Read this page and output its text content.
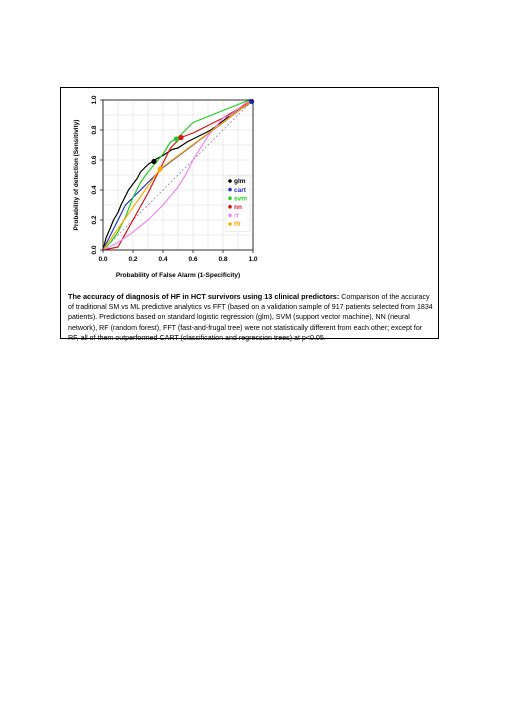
0.0	0.2	0.4	0.6	0.8	1.0
0.0
0.2
0.4
0.6
0.8
1.0
Probability of False Alarm (1-Specificity)
Probability of detection (Sensitivity)	glm
cart
svm
nn
rf
fft
The accuracy of diagnosis of HF in HCT survivors using 13 clinical predictors: Comparison of the accuracy of traditional SM vs ML predictive analytics vs FFT (based on a validation sample of 917 patients selected from 1834 patients). Predictions based on standard logistic regression (glm), SVM (support vector machine), NN (neural network), RF (random forest), FFT (fast-and-frugal tree) were not statistically different from each other; except for RF, all of them outperformed CART (classification and regression trees) at p<0.05.
